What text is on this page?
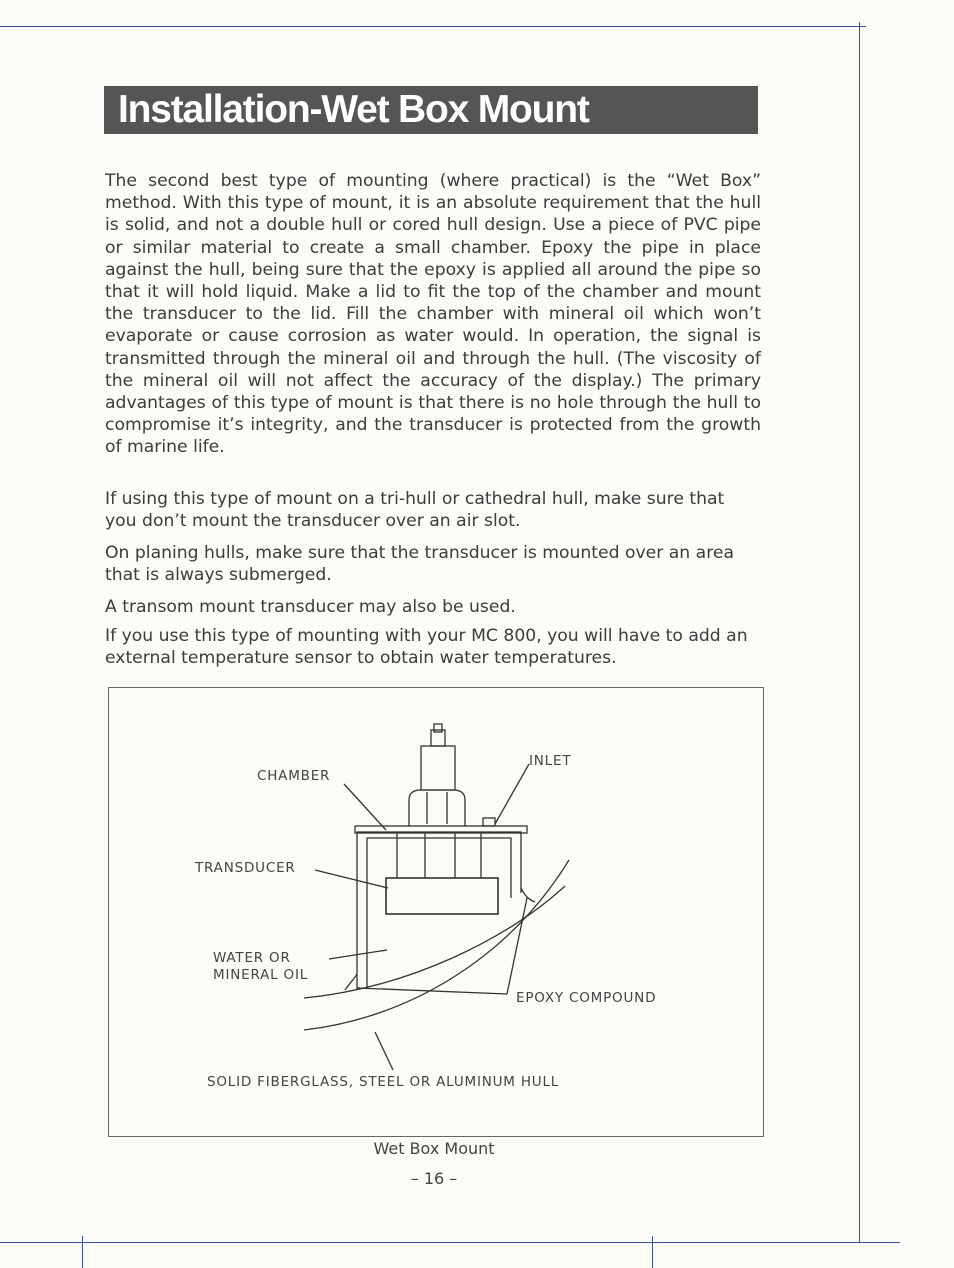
Installation-Wet Box Mount

The second best type of mounting (where practical) is the “Wet Box” method. With this type of mount, it is an absolute requirement that the hull is solid, and not a double hull or cored hull design. Use a piece of PVC pipe or similar material to create a small chamber. Epoxy the pipe in place against the hull, being sure that the epoxy is applied all around the pipe so that it will hold liquid. Make a lid to fit the top of the chamber and mount the transducer to the lid. Fill the chamber with mineral oil which won’t evaporate or cause corrosion as water would. In operation, the signal is transmitted through the mineral oil and through the hull. (The viscosity of the mineral oil will not affect the accuracy of the display.) The primary advantages of this type of mount is that there is no hole through the hull to compromise it’s integrity, and the transducer is protected from the growth of marine life.

If using this type of mount on a tri-hull or cathedral hull, make sure that you don’t mount the transducer over an air slot.

On planing hulls, make sure that the transducer is mounted over an area that is always submerged.

A transom mount transducer may also be used.

If you use this type of mounting with your MC 800, you will have to add an external temperature sensor to obtain water temperatures.

CHAMBER
INLET
TRANSDUCER
WATER OR
MINERAL OIL
EPOXY COMPOUND
SOLID FIBERGLASS, STEEL OR ALUMINUM HULL
Wet Box Mount
– 16 –
